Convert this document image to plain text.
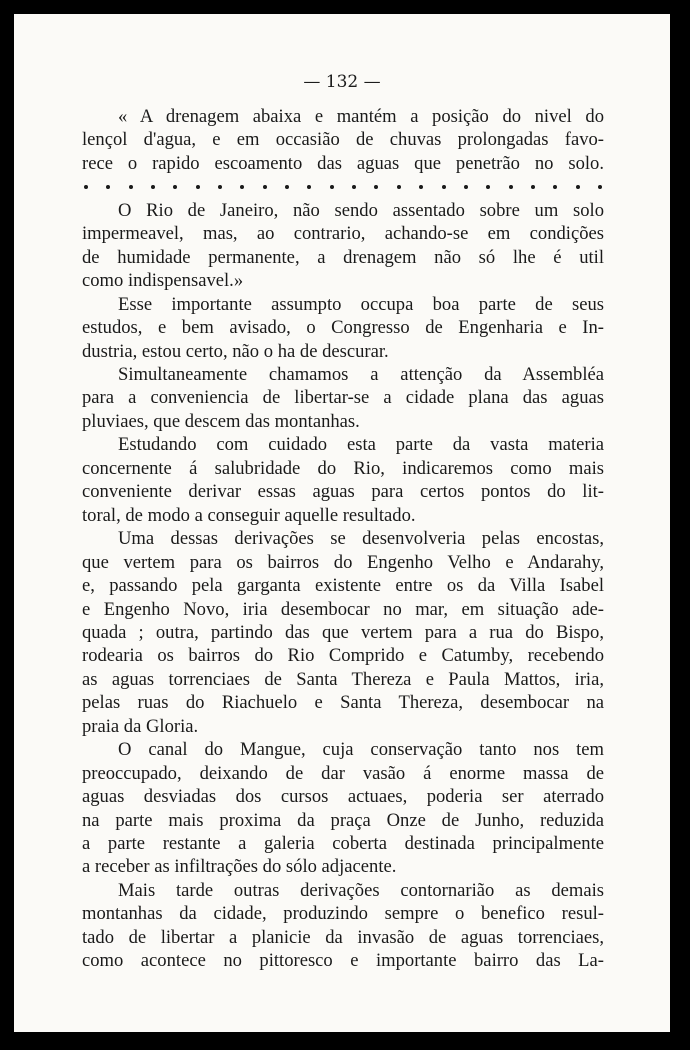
— 132 —
« A drenagem abaixa e mantém a posição do nivel do
lençol d'agua, e em occasião de chuvas prolongadas favo-
rece o rapido escoamento das aguas que penetrão no solo.
O Rio de Janeiro, não sendo assentado sobre um solo
impermeavel, mas, ao contrario, achando-se em condições
de humidade permanente, a drenagem não só lhe é util
como indispensavel.»
Esse importante assumpto occupa boa parte de seus
estudos, e bem avisado, o Congresso de Engenharia e In-
dustria, estou certo, não o ha de descurar.
Simultaneamente chamamos a attenção da Assembléa
para a conveniencia de libertar-se a cidade plana das aguas
pluviaes, que descem das montanhas.
Estudando com cuidado esta parte da vasta materia
concernente á salubridade do Rio, indicaremos como mais
conveniente derivar essas aguas para certos pontos do lit-
toral, de modo a conseguir aquelle resultado.
Uma dessas derivações se desenvolveria pelas encostas,
que vertem para os bairros do Engenho Velho e Andarahy,
e, passando pela garganta existente entre os da Villa Isabel
e Engenho Novo, iria desembocar no mar, em situação ade-
quada ; outra, partindo das que vertem para a rua do Bispo,
rodearia os bairros do Rio Comprido e Catumby, recebendo
as aguas torrenciaes de Santa Thereza e Paula Mattos, iria,
pelas ruas do Riachuelo e Santa Thereza, desembocar na
praia da Gloria.
O canal do Mangue, cuja conservação tanto nos tem
preoccupado, deixando de dar vasão á enorme massa de
aguas desviadas dos cursos actuaes, poderia ser aterrado
na parte mais proxima da praça Onze de Junho, reduzida
a parte restante a galeria coberta destinada principalmente
a receber as infiltrações do sólo adjacente.
Mais tarde outras derivações contornarião as demais
montanhas da cidade, produzindo sempre o benefico resul-
tado de libertar a planicie da invasão de aguas torrenciaes,
como acontece no pittoresco e importante bairro das La-
